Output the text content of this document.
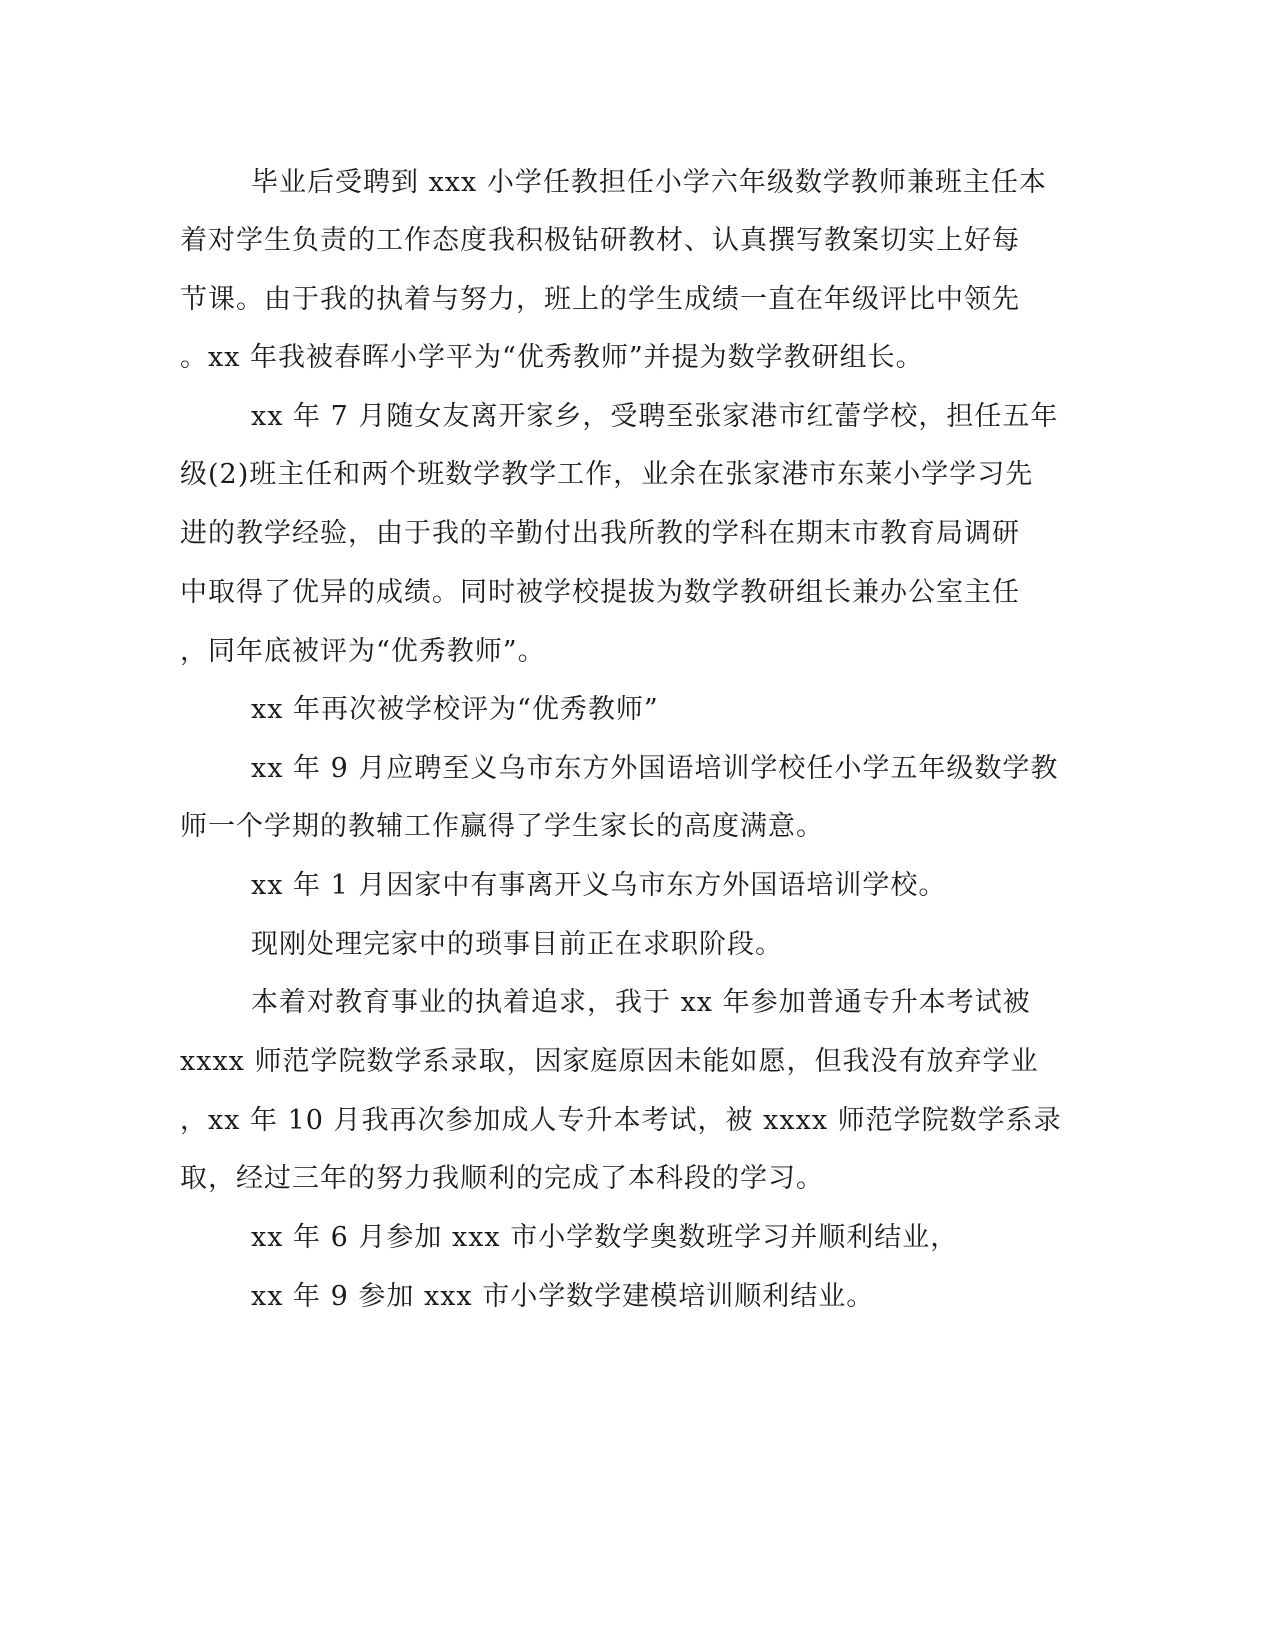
毕业后受聘到 xxx 小学任教担任小学六年级数学教师兼班主任本
着对学生负责的工作态度我积极钻研教材、认真撰写教案切实上好每
节课。由于我的执着与努力，班上的学生成绩一直在年级评比中领先
。xx 年我被春晖小学平为“优秀教师”并提为数学教研组长。
xx 年 7 月随女友离开家乡，受聘至张家港市红蕾学校，担任五年
级(2)班主任和两个班数学教学工作，业余在张家港市东莱小学学习先
进的教学经验，由于我的辛勤付出我所教的学科在期末市教育局调研
中取得了优异的成绩。同时被学校提拔为数学教研组长兼办公室主任
，同年底被评为“优秀教师”。
xx 年再次被学校评为“优秀教师”
xx 年 9 月应聘至义乌市东方外国语培训学校任小学五年级数学教
师一个学期的教辅工作赢得了学生家长的高度满意。
xx 年 1 月因家中有事离开义乌市东方外国语培训学校。
现刚处理完家中的琐事目前正在求职阶段。
本着对教育事业的执着追求，我于 xx 年参加普通专升本考试被
xxxx 师范学院数学系录取，因家庭原因未能如愿，但我没有放弃学业
，xx 年 10 月我再次参加成人专升本考试，被 xxxx 师范学院数学系录
取，经过三年的努力我顺利的完成了本科段的学习。
xx 年 6 月参加 xxx 市小学数学奥数班学习并顺利结业，
xx 年 9 参加 xxx 市小学数学建模培训顺利结业。
